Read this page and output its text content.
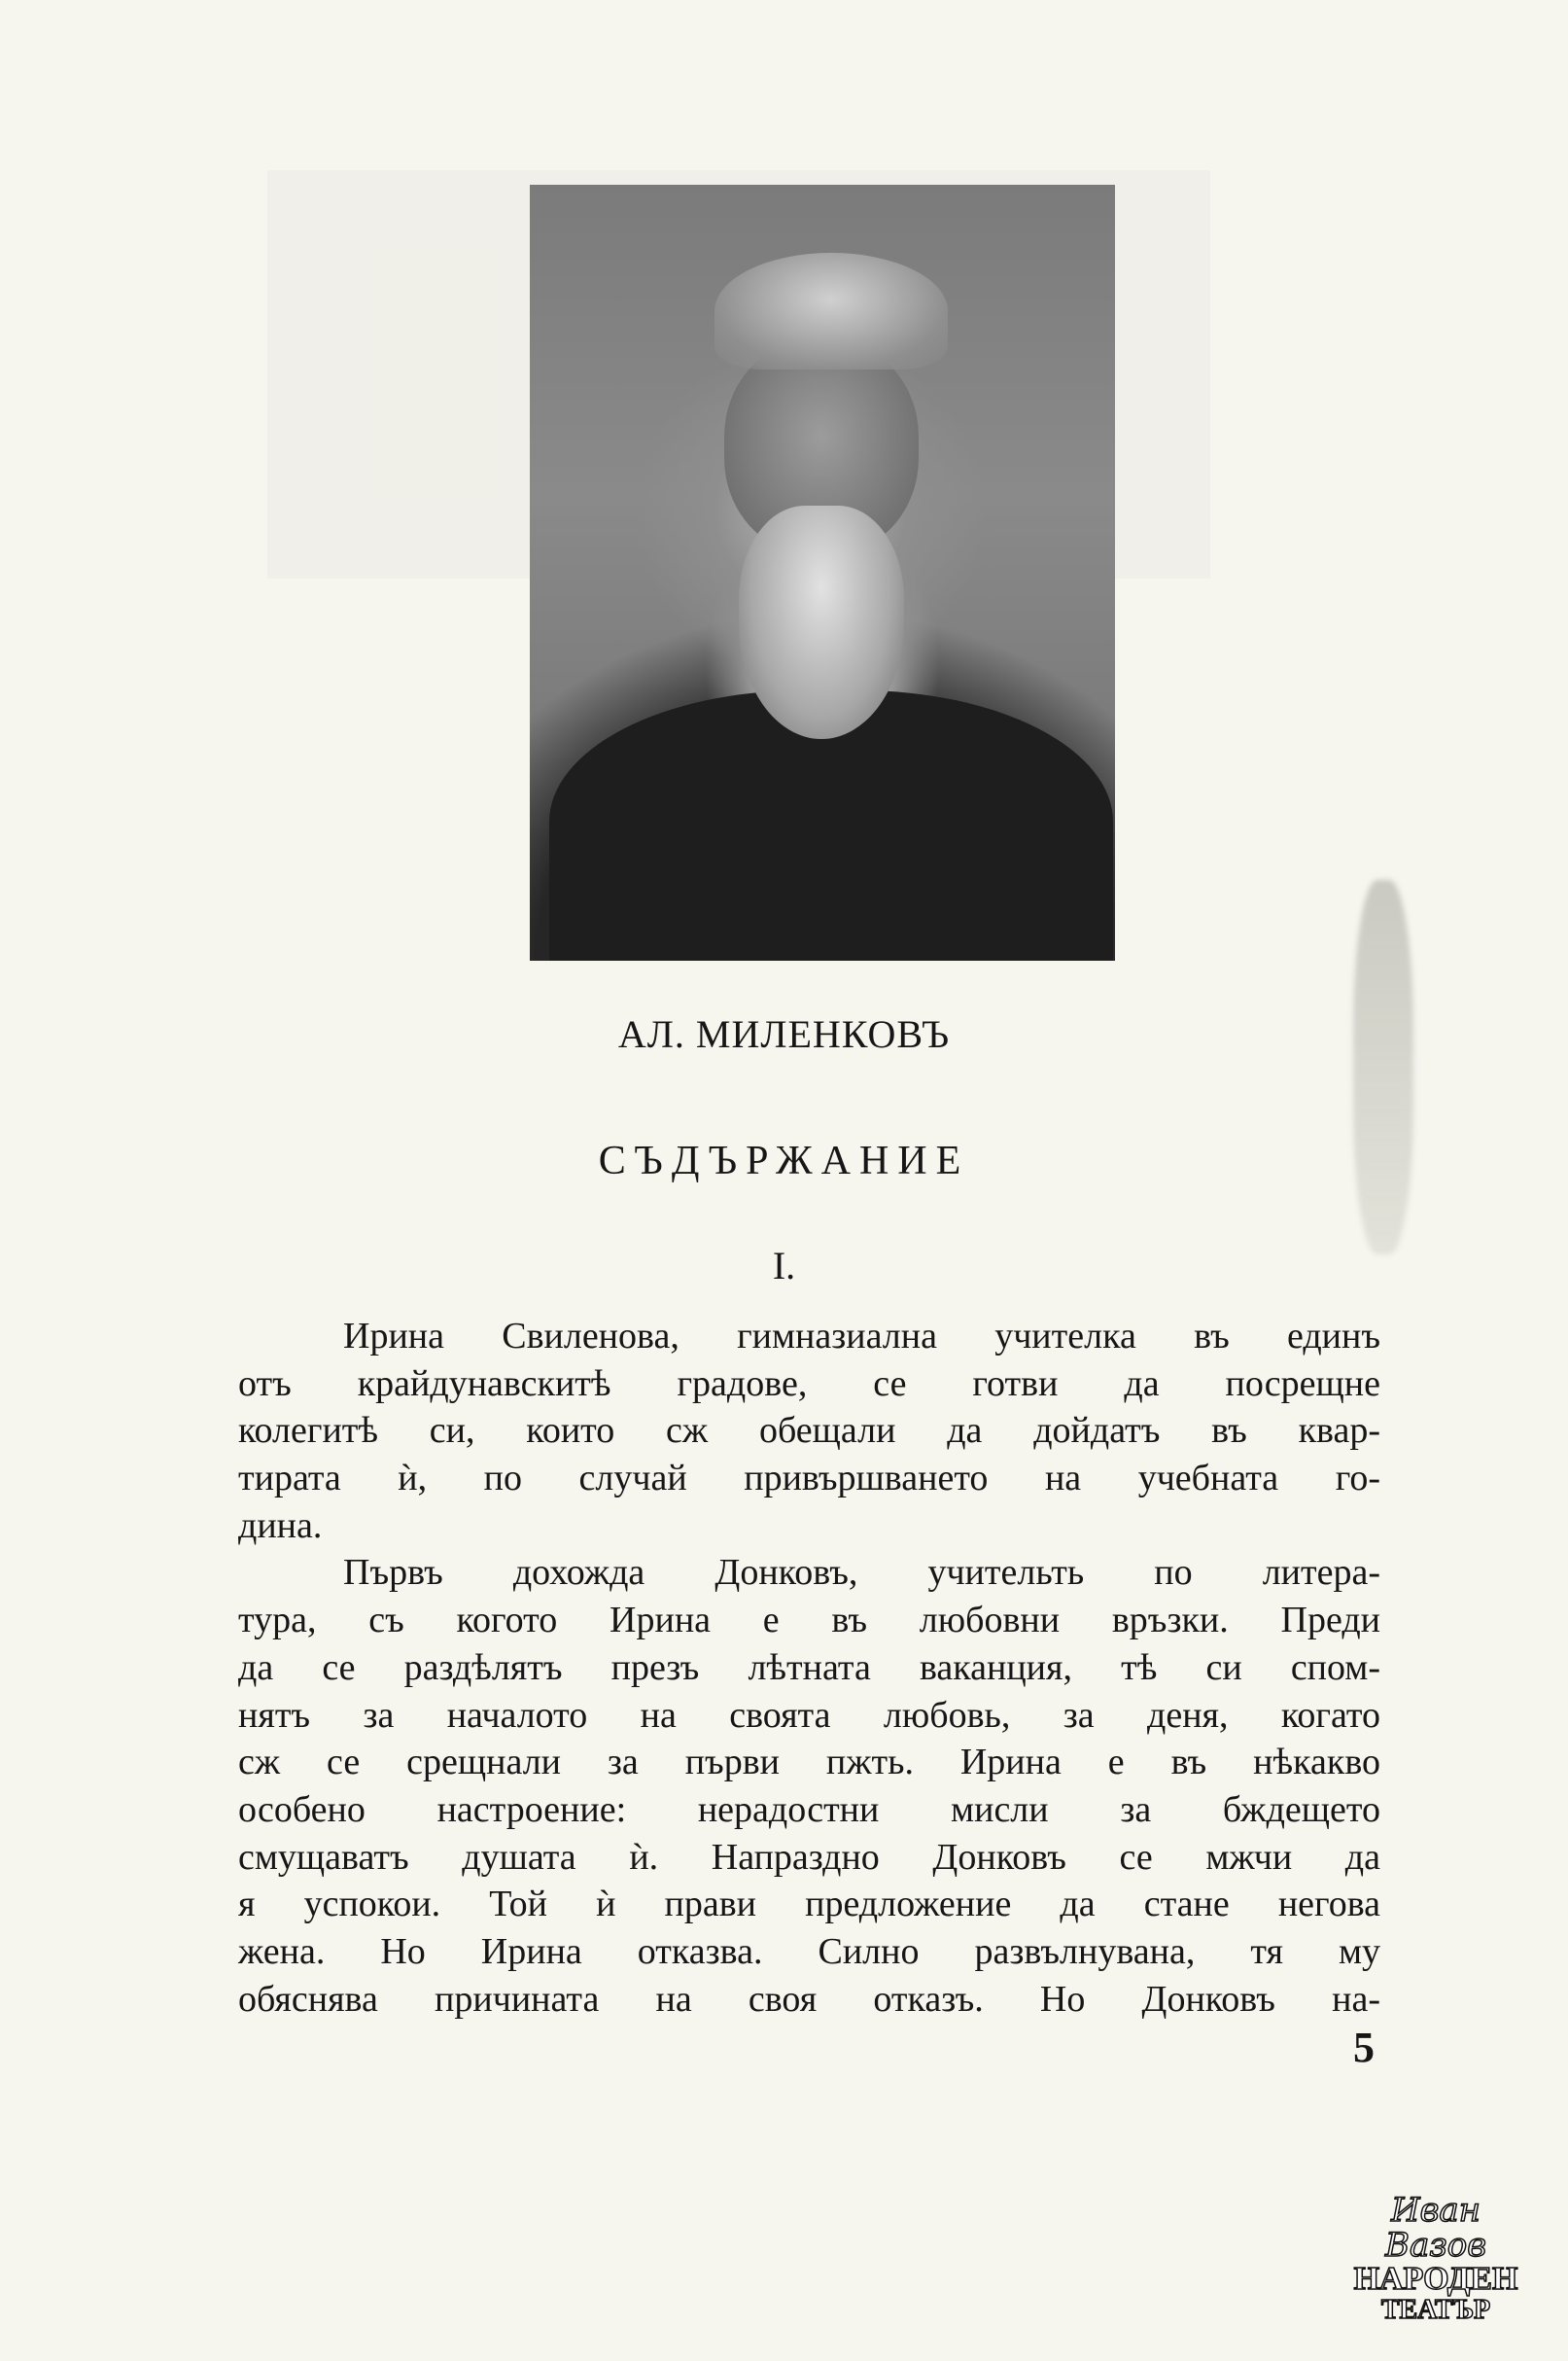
АЛ. МИЛЕНКОВЪ
СЪДЪРЖАНИЕ
I.
Ирина Свиленова, гимназиална учителка въ единъ
отъ крайдунавскитѣ градове, се готви да посрещне
колегитѣ си, които сж обещали да дойдатъ въ квар-
тирата ѝ, по случай привършването на учебната го-
дина.
Първъ дохожда Донковъ, учительть по литера-
тура, съ когото Ирина е въ любовни връзки. Преди
да се раздѣлятъ презъ лѣтната ваканция, тѣ си спом-
нятъ за началото на своята любовь, за деня, когато
сж се срещнали за първи пжть. Ирина е въ нѣкакво
особено настроение: нерадостни мисли за бждещето
смущаватъ душата ѝ. Напраздно Донковъ се мжчи да
я успокои. Той ѝ прави предложение да стане негова
жена. Но Ирина отказва. Силно развълнувана, тя му
обяснява причината на своя отказъ. Но Донковъ на-
5
Иван Вазов
НАРОДЕН
ТЕАТЪР
